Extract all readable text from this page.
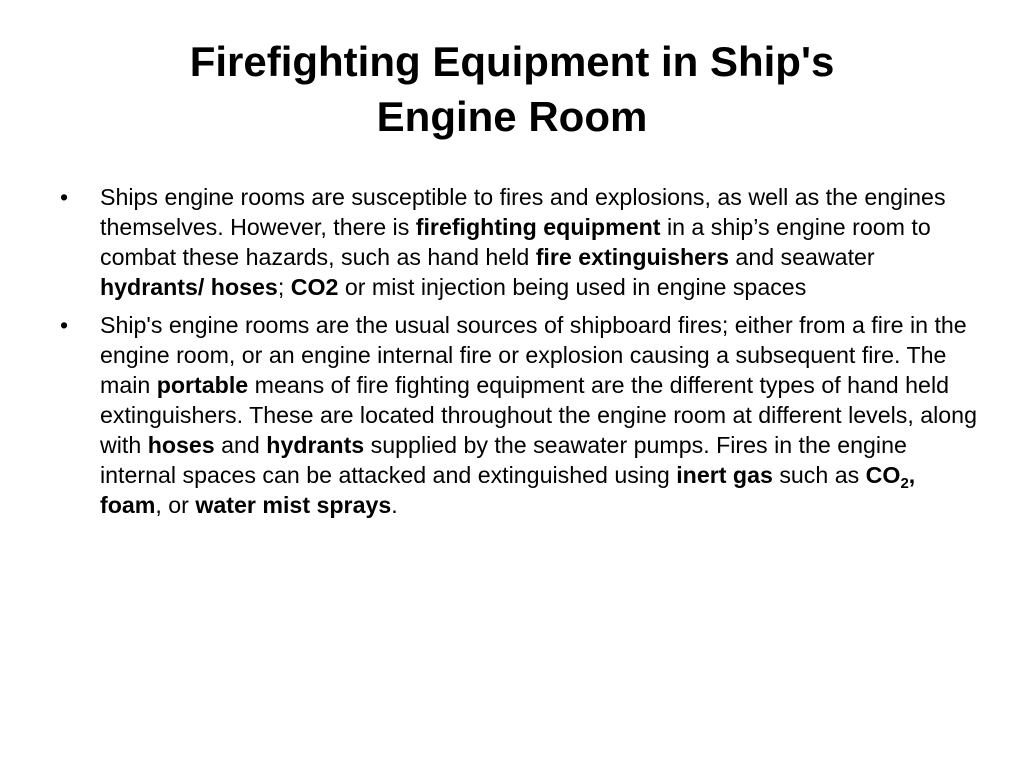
Firefighting Equipment in Ship's
Engine Room
•	Ships engine rooms are susceptible to fires and explosions, as well as the engines themselves. However, there is firefighting equipment in a ship’s engine room to combat these hazards, such as hand held fire extinguishers and seawater hydrants/ hoses; CO2 or mist injection being used in engine spaces
•	Ship's engine rooms are the usual sources of shipboard fires; either from a fire in the engine room, or an engine internal fire or explosion causing a subsequent fire. The main portable means of fire fighting equipment are the different types of hand held extinguishers. These are located throughout the engine room at different levels, along with hoses and hydrants supplied by the seawater pumps. Fires in the engine internal spaces can be attacked and extinguished using inert gas such as $CO_2$, foam, or water mist sprays.
